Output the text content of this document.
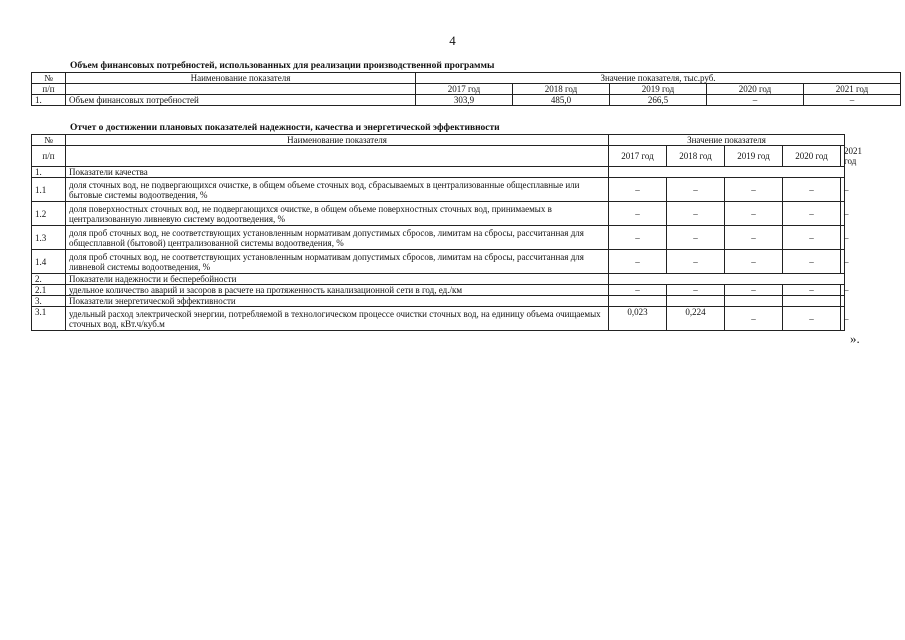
4
Объем финансовых потребностей, использованных для реализации производственной программы
№	Наименование показателя	Значение показателя, тыс.руб.				
п/п		2017 год	2018 год	2019 год	2020 год	2021 год
1.	Объем финансовых потребностей	303,9	485,0	266,5	–	–
Отчет о достижении плановых показателей надежности, качества и энергетической эффективности
№	Наименование показателя	Значение показателя				
п/п		2017 год	2018 год	2019 год	2020 год	2021 год
1.	Показатели качества					
1.1	доля сточных вод, не подвергающихся очистке, в общем объеме сточных вод, сбрасываемых в централизованные общесплавные или бытовые системы водоотведения, %	–	–	–	–	–
1.2	доля поверхностных сточных вод, не подвергающихся очистке, в общем объеме поверхностных сточных вод, принимаемых в централизованную ливневую систему водоотведения, %	–	–	–	–	–
1.3	доля проб сточных вод, не соответствующих установленным нормативам допустимых сбросов, лимитам на сбросы, рассчитанная для общесплавной (бытовой) централизованной системы водоотведения, %	–	–	–	–	–
1.4	доля проб сточных вод, не соответствующих установленным нормативам допустимых сбросов, лимитам на сбросы, рассчитанная для ливневой системы водоотведения, %	–	–	–	–	–
2.	Показатели надежности и бесперебойности					
2.1	удельное количество аварий и засоров в расчете на протяженность канализационной сети в год, ед./км	–	–	–	–	–
3.	Показатели энергетической эффективности					
3.1	удельный расход электрической энергии, потребляемой в технологическом процессе очистки сточных вод, на единицу объема очищаемых сточных вод, кВт.ч/куб.м	0,023	0,224	–	–	–
».
